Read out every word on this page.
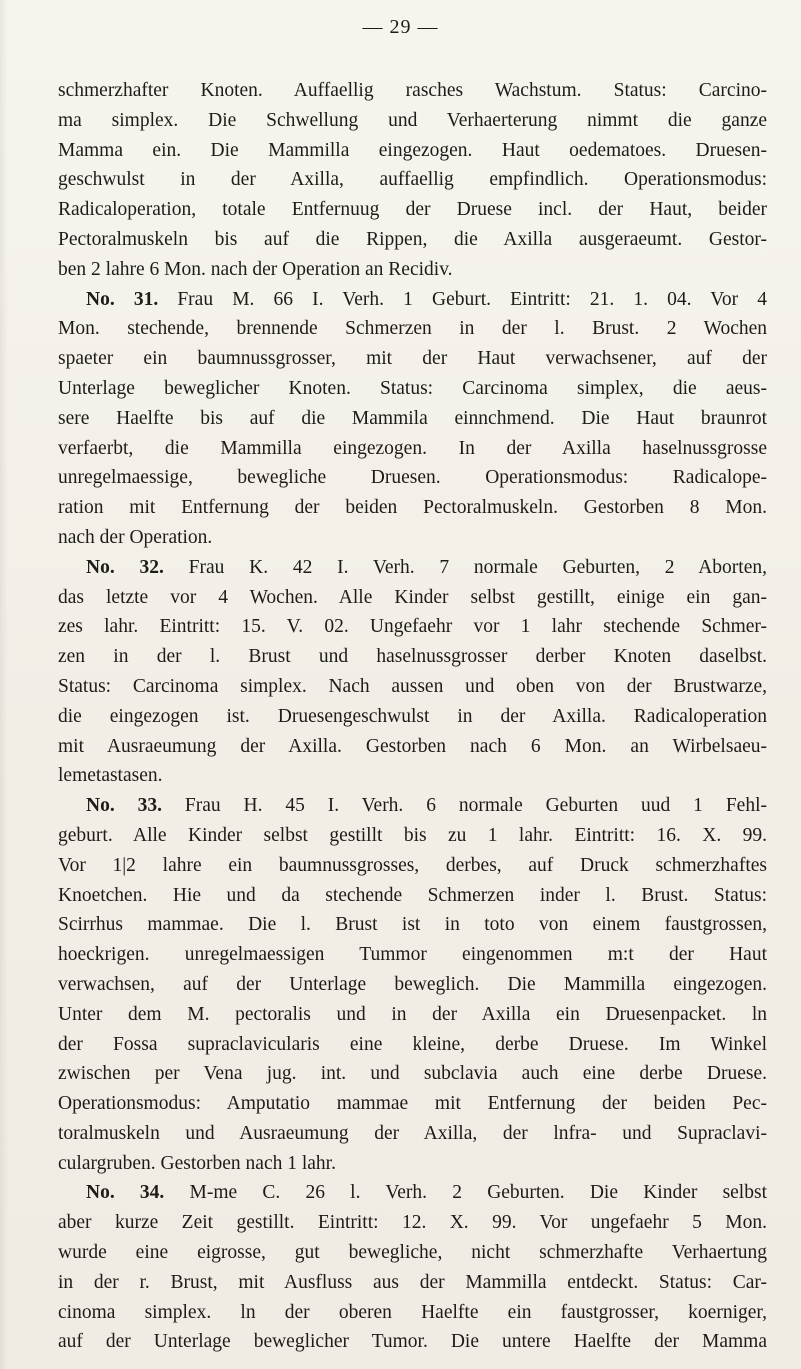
— 29 —

schmerzhafter Knoten. Auffaellig rasches Wachstum. Status: Carcino-
ma simplex. Die Schwellung und Verhaerterung nimmt die ganze
Mamma ein. Die Mammilla eingezogen. Haut oedematoes. Druesen-
geschwulst in der Axilla, auffaellig empfindlich. Operationsmodus:
Radicaloperation, totale Entfernuug der Druese incl. der Haut, beider
Pectoralmuskeln bis auf die Rippen, die Axilla ausgeraeumt. Gestor-
ben 2 lahre 6 Mon. nach der Operation an Recidiv.

No. 31. Frau M. 66 I. Verh. 1 Geburt. Eintritt: 21. 1. 04. Vor 4
Mon. stechende, brennende Schmerzen in der l. Brust. 2 Wochen
spaeter ein baumnussgrosser, mit der Haut verwachsener, auf der
Unterlage beweglicher Knoten. Status: Carcinoma simplex, die aeus-
sere Haelfte bis auf die Mammila einnchmend. Die Haut braunrot
verfaerbt, die Mammilla eingezogen. In der Axilla haselnussgrosse
unregelmaessige, bewegliche Druesen. Operationsmodus: Radicalope-
ration mit Entfernung der beiden Pectoralmuskeln. Gestorben 8 Mon.
nach der Operation.

No. 32. Frau K. 42 I. Verh. 7 normale Geburten, 2 Aborten,
das letzte vor 4 Wochen. Alle Kinder selbst gestillt, einige ein gan-
zes lahr. Eintritt: 15. V. 02. Ungefaehr vor 1 lahr stechende Schmer-
zen in der l. Brust und haselnussgrosser derber Knoten daselbst.
Status: Carcinoma simplex. Nach aussen und oben von der Brustwarze,
die eingezogen ist. Druesengeschwulst in der Axilla. Radicaloperation
mit Ausraeumung der Axilla. Gestorben nach 6 Mon. an Wirbelsaeu-
lemetastasen.

No. 33. Frau H. 45 I. Verh. 6 normale Geburten uud 1 Fehl-
geburt. Alle Kinder selbst gestillt bis zu 1 lahr. Eintritt: 16. X. 99.
Vor 1|2 lahre ein baumnussgrosses, derbes, auf Druck schmerzhaftes
Knoetchen. Hie und da stechende Schmerzen inder l. Brust. Status:
Scirrhus mammae. Die l. Brust ist in toto von einem faustgrossen,
hoeckrigen. unregelmaessigen Tummor eingenommen m:t der Haut
verwachsen, auf der Unterlage beweglich. Die Mammilla eingezogen.
Unter dem M. pectoralis und in der Axilla ein Druesenpacket. ln
der Fossa supraclavicularis eine kleine, derbe Druese. Im Winkel
zwischen per Vena jug. int. und subclavia auch eine derbe Druese.
Operationsmodus: Amputatio mammae mit Entfernung der beiden Pec-
toralmuskeln und Ausraeumung der Axilla, der lnfra- und Supraclavi-
culargruben. Gestorben nach 1 lahr.

No. 34. M-me C. 26 l. Verh. 2 Geburten. Die Kinder selbst
aber kurze Zeit gestillt. Eintritt: 12. X. 99. Vor ungefaehr 5 Mon.
wurde eine eigrosse, gut bewegliche, nicht schmerzhafte Verhaertung
in der r. Brust, mit Ausfluss aus der Mammilla entdeckt. Status: Car-
cinoma simplex. ln der oberen Haelfte ein faustgrosser, koerniger,
auf der Unterlage beweglicher Tumor. Die untere Haelfte der Mamma
